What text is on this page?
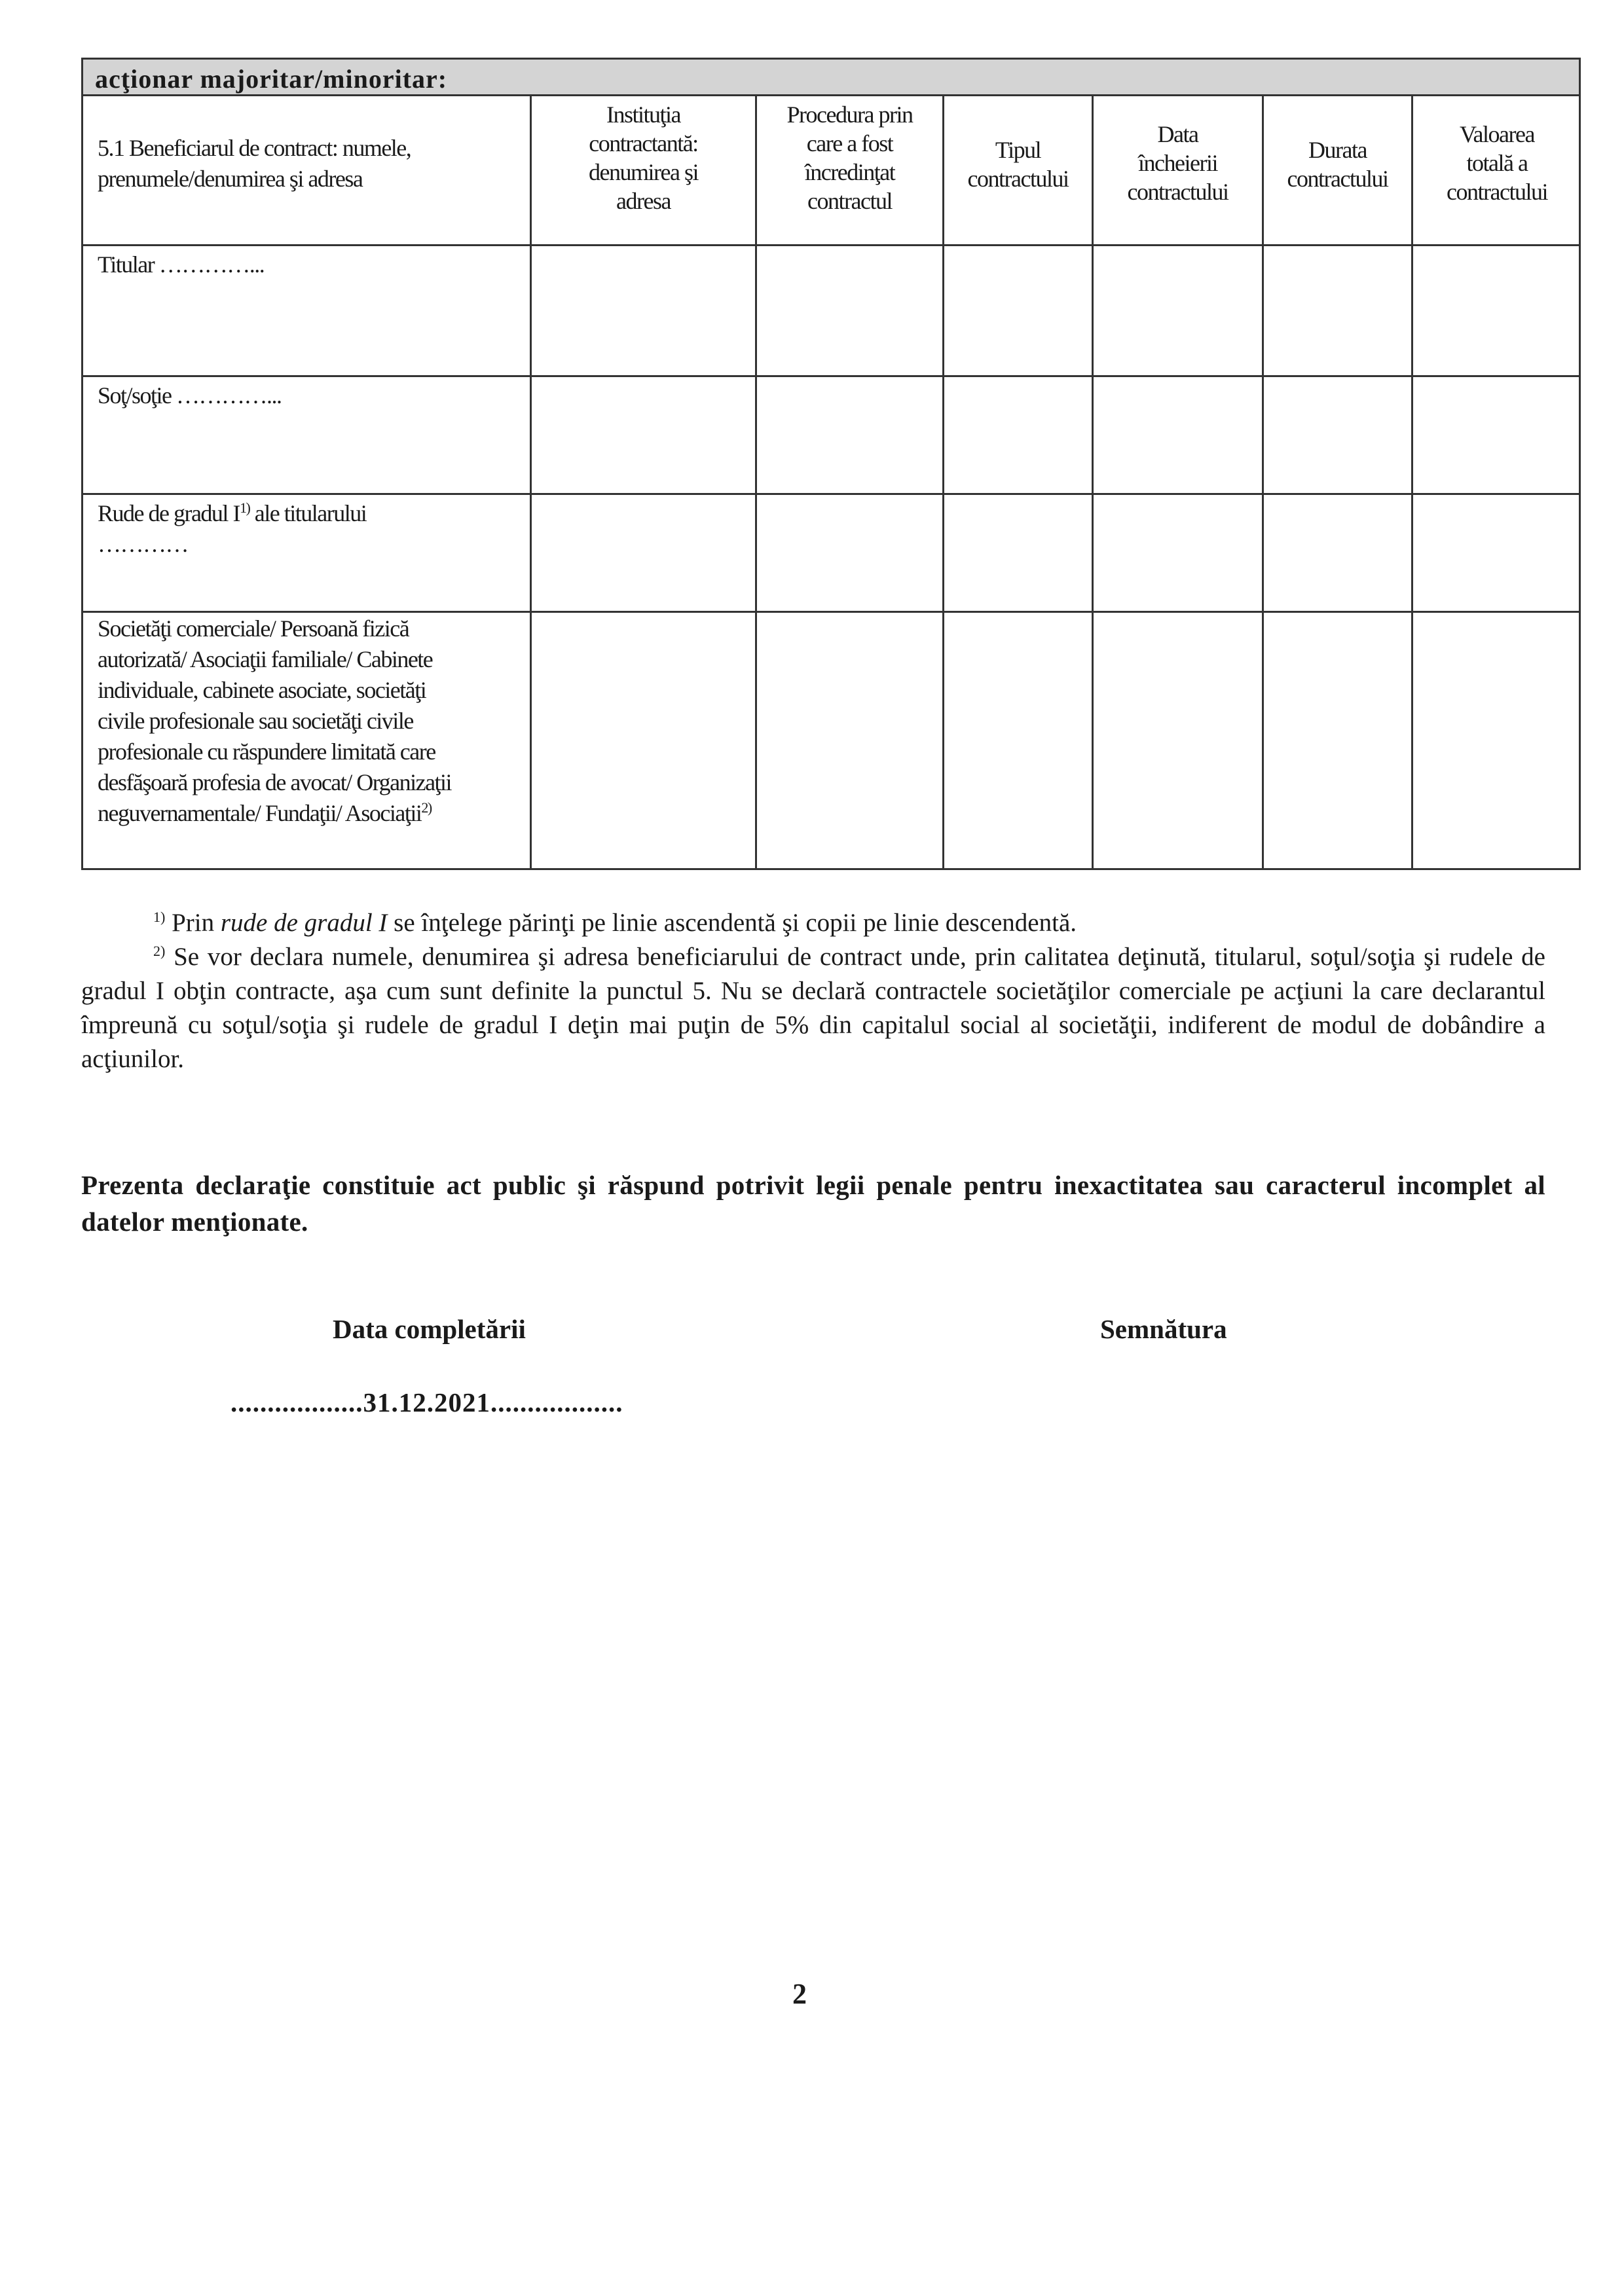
acţionar majoritar/minoritar:
5.1 Beneficiarul de contract: numele,
prenumele/denumirea şi adresa
Instituţia
contractantă:
denumirea şi
adresa
Procedura prin
care a fost
încredinţat
contractul
Tipul
contractului
Data
încheierii
contractului
Durata
contractului
Valoarea
totală a
contractului
Titular …………...
Soţ/soţie …………...
Rude de gradul $I^{1)}$ ale titularului
…………
Societăţi comerciale/ Persoană fizică
autorizată/ Asociaţii familiale/ Cabinete
individuale, cabinete asociate, societăţi
civile profesionale sau societăţi civile
profesionale cu răspundere limitată care
desfăşoară profesia de avocat/ Organizaţii
neguvernamentale/ Fundaţii/ Asociaţii$^{2)}$

$^{1)}$ Prin rude de gradul I se înţelege părinţi pe linie ascendentă şi copii pe linie descendentă.

$^{2)}$ Se vor declara numele, denumirea şi adresa beneficiarului de contract unde, prin calitatea deţinută, titularul, soţul/soţia şi rudele de gradul I obţin contracte, aşa cum sunt definite la punctul 5. Nu se declară contractele societăţilor comerciale pe acţiuni la care declarantul împreună cu soţul/soţia şi rudele de gradul I deţin mai puţin de 5% din capitalul social al societăţii, indiferent de modul de dobândire a acţiunilor.

Prezenta declaraţie constituie act public şi răspund potrivit legii penale pentru inexactitatea sau caracterul incomplet al datelor menţionate.
Data completării	Semnătura
..................31.12.2021..................
2
